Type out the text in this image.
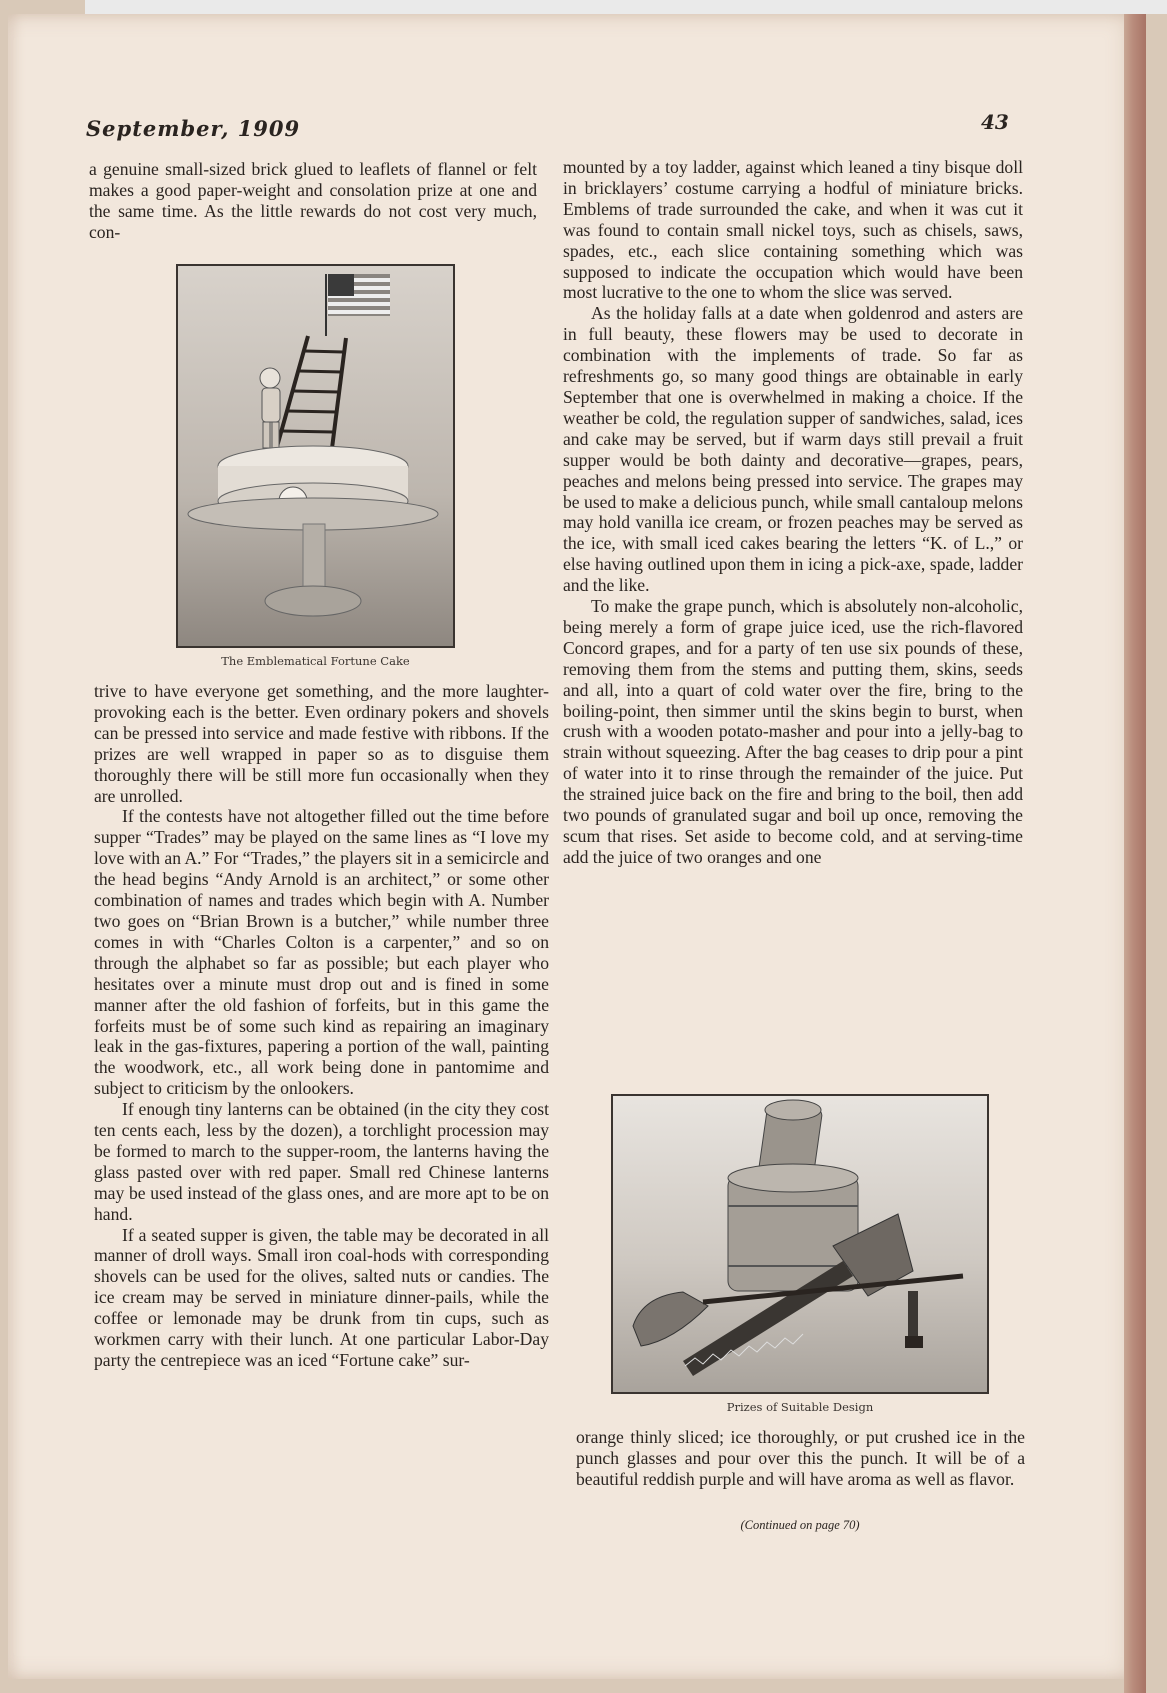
September, 1909	43

a genuine small-sized brick glued to leaflets of flannel or felt makes a good paper-weight and consolation prize at one and the same time. As the little rewards do not cost very much, con-

The Emblematical Fortune Cake

trive to have everyone get something, and the more laughter-provoking each is the better. Even ordinary pokers and shovels can be pressed into service and made festive with ribbons. If the prizes are well wrapped in paper so as to disguise them thoroughly there will be still more fun occasionally when they are unrolled.

If the contests have not altogether filled out the time before supper “Trades” may be played on the same lines as “I love my love with an A.” For “Trades,” the players sit in a semicircle and the head begins “Andy Arnold is an architect,” or some other combination of names and trades which begin with A. Number two goes on “Brian Brown is a butcher,” while number three comes in with “Charles Colton is a carpenter,” and so on through the alphabet so far as possible; but each player who hesitates over a minute must drop out and is fined in some manner after the old fashion of forfeits, but in this game the forfeits must be of some such kind as repairing an imaginary leak in the gas-fixtures, papering a portion of the wall, painting the woodwork, etc., all work being done in pantomime and subject to criticism by the onlookers.

If enough tiny lanterns can be obtained (in the city they cost ten cents each, less by the dozen), a torchlight procession may be formed to march to the supper-room, the lanterns having the glass pasted over with red paper. Small red Chinese lanterns may be used instead of the glass ones, and are more apt to be on hand.

If a seated supper is given, the table may be decorated in all manner of droll ways. Small iron coal-hods with corresponding shovels can be used for the olives, salted nuts or candies. The ice cream may be served in miniature dinner-pails, while the coffee or lemonade may be drunk from tin cups, such as workmen carry with their lunch. At one particular Labor-Day party the centrepiece was an iced “Fortune cake” sur-

mounted by a toy ladder, against which leaned a tiny bisque doll in bricklayers’ costume carrying a hodful of miniature bricks. Emblems of trade surrounded the cake, and when it was cut it was found to contain small nickel toys, such as chisels, saws, spades, etc., each slice containing something which was supposed to indicate the occupation which would have been most lucrative to the one to whom the slice was served.

As the holiday falls at a date when goldenrod and asters are in full beauty, these flowers may be used to decorate in combination with the implements of trade. So far as refreshments go, so many good things are obtainable in early September that one is overwhelmed in making a choice. If the weather be cold, the regulation supper of sandwiches, salad, ices and cake may be served, but if warm days still prevail a fruit supper would be both dainty and decorative—grapes, pears, peaches and melons being pressed into service. The grapes may be used to make a delicious punch, while small cantaloup melons may hold vanilla ice cream, or frozen peaches may be served as the ice, with small iced cakes bearing the letters “K. of L.,” or else having outlined upon them in icing a pick-axe, spade, ladder and the like.

To make the grape punch, which is absolutely non-alcoholic, being merely a form of grape juice iced, use the rich-flavored Concord grapes, and for a party of ten use six pounds of these, removing them from the stems and putting them, skins, seeds and all, into a quart of cold water over the fire, bring to the boiling-point, then simmer until the skins begin to burst, when crush with a wooden potato-masher and pour into a jelly-bag to strain without squeezing. After the bag ceases to drip pour a pint of water into it to rinse through the remainder of the juice. Put the strained juice back on the fire and bring to the boil, then add two pounds of granulated sugar and boil up once, removing the scum that rises. Set aside to become cold, and at serving-time add the juice of two oranges and one

Prizes of Suitable Design

orange thinly sliced; ice thoroughly, or put crushed ice in the punch glasses and pour over this the punch. It will be of a beautiful reddish purple and will have aroma as well as flavor.

(Continued on page 70)
